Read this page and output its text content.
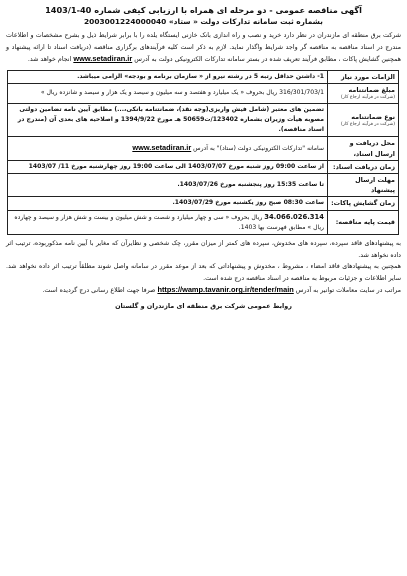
آگهی مناقصه عمومی - دو مرحله ای همراه با ارزیابی کیفی شماره 40-1403/1
بشماره ثبت سامانه تدارکات دولت « ستاد» 2003001224000040
شرکت برق منطقه ای مازندران در نظر دارد خرید و نصب و راه اندازی بانک خازنی ایستگاه یلده را با برابر شرایط ذیل و بشرح مشخصات و اطلاعات مندرج در اسناد مناقصه به مناقصه گر واجد شرایط واگذار نماید. لازم به ذکر است کلیه فرآیندهای برگزاری مناقصه (دریافت اسناد تا ارائه پیشنهاد و همچنین گشایش پاکات ، مطابق فرآیند تعریف شده در بستر سامانه تدارکات الکترونیکی دولت به آدرس www.setadiran.ir انجام خواهد شد.
الزامات مورد نیاز	1- داشتن حداقل رتبه 5 در رشته نیرو از « سازمان برنامه و بودجه» الزامی میباشد.
مبلغ ضمانتنامه
(شرکت در فرآیند ارجاع کار)	316/301/703/1 ریال بحروف « یک میلیارد و هفتصد و سه میلیون و سیصد و یک هزار و سیصد و شانزده ریال »
نوع ضمانتنامه
(شرکت در فرآیند ارجاع کار)	تضمین های معتبر (شامل فیش واریزی(وجه نقد)، ضمانتنامه بانکی،...) مطابق آیین نامه تضامین دولتی مصوبه هیأت وزیران بشماره 123402/ت50659 هـ مورخ 1394/9/22 و اصلاحیه های بعدی آن (مندرج در اسناد مناقصه).
محل دریافت و ارسال اسناد،	سامانه "تدارکات الکترونیکی دولت (ستاد)" به آدرس www.setadiran.ir
زمان دریافت اسناد:	از ساعت 09:00 روز شنبه مورخ 1403/07/07 الی ساعت 19:00 روز چهارشنبه مورخ 11/ 1403/07
مهلت ارسال پیشنهاد	تا ساعت 15:35 روز پنجشنبه مورخ 1403/07/26.
زمان گشایش پاکات:	ساعت 08:30 صبح روز یکشنبه مورخ 1403/07/29.
قیمت پایه مناقصه:	34.066.026.314 ریال بحروف « سی و چهار میلیارد و شصت و شش میلیون و بیست و شش هزار و سیصد و چهارده ریال » مطابق فهرست بها 1403.
به پیشنهادهای فاقد سپرده، سپرده های مخدوش، سپرده های کمتر از میزان مقرر، چک شخصی و نظایرآن که مغایر با آیین نامه مذکوربوده، ترتیب اثر داده نخواهد شد.
همچنین به پیشنهادهای فاقد امضاء ، مشروط ، مخدوش و پیشنهاداتی که بعد از موعد مقرر در سامانه واصل شوند مطلقاً ترتیب اثر داده نخواهد شد. سایر اطلاعات و جزئیات مربوط به مناقصه در اسناد مناقصه درج شده است.
مراتب در سایت معاملات توانیر به آدرس https://wamp.tavanir.org.ir/tender/main صرفا جهت اطلاع رسانی درج گردیده است.
روابط عمومی شرکت برق منطقه ای مازندران و گلستان
